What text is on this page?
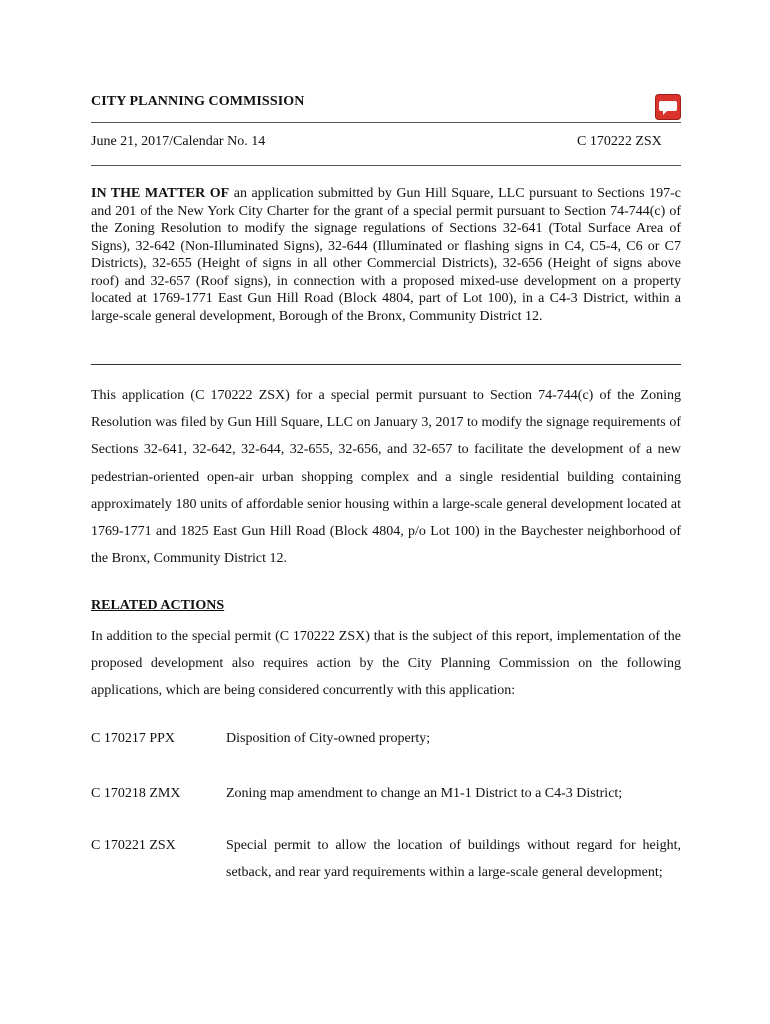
CITY PLANNING COMMISSION
June 21, 2017/Calendar No. 14	C 170222 ZSX
IN THE MATTER OF an application submitted by Gun Hill Square, LLC pursuant to Sections 197-c and 201 of the New York City Charter for the grant of a special permit pursuant to Section 74-744(c) of the Zoning Resolution to modify the signage regulations of Sections 32-641 (Total Surface Area of Signs), 32-642 (Non-Illuminated Signs), 32-644 (Illuminated or flashing signs in C4, C5-4, C6 or C7 Districts), 32-655 (Height of signs in all other Commercial Districts), 32-656 (Height of signs above roof) and 32-657 (Roof signs), in connection with a proposed mixed-use development on a property located at 1769-1771 East Gun Hill Road (Block 4804, part of Lot 100), in a C4-3 District, within a large-scale general development, Borough of the Bronx, Community District 12.
This application (C 170222 ZSX) for a special permit pursuant to Section 74-744(c) of the Zoning Resolution was filed by Gun Hill Square, LLC on January 3, 2017 to modify the signage requirements of Sections 32-641, 32-642, 32-644, 32-655, 32-656, and 32-657 to facilitate the development of a new pedestrian-oriented open-air urban shopping complex and a single residential building containing approximately 180 units of affordable senior housing within a large-scale general development located at 1769-1771 and 1825 East Gun Hill Road (Block 4804, p/o Lot 100) in the Baychester neighborhood of the Bronx, Community District 12.
RELATED ACTIONS
In addition to the special permit (C 170222 ZSX) that is the subject of this report, implementation of the proposed development also requires action by the City Planning Commission on the following applications, which are being considered concurrently with this application:
C 170217 PPX	Disposition of City-owned property;
C 170218 ZMX	Zoning map amendment to change an M1-1 District to a C4-3 District;
C 170221 ZSX	Special permit to allow the location of buildings without regard for height, setback, and rear yard requirements within a large-scale general development;
